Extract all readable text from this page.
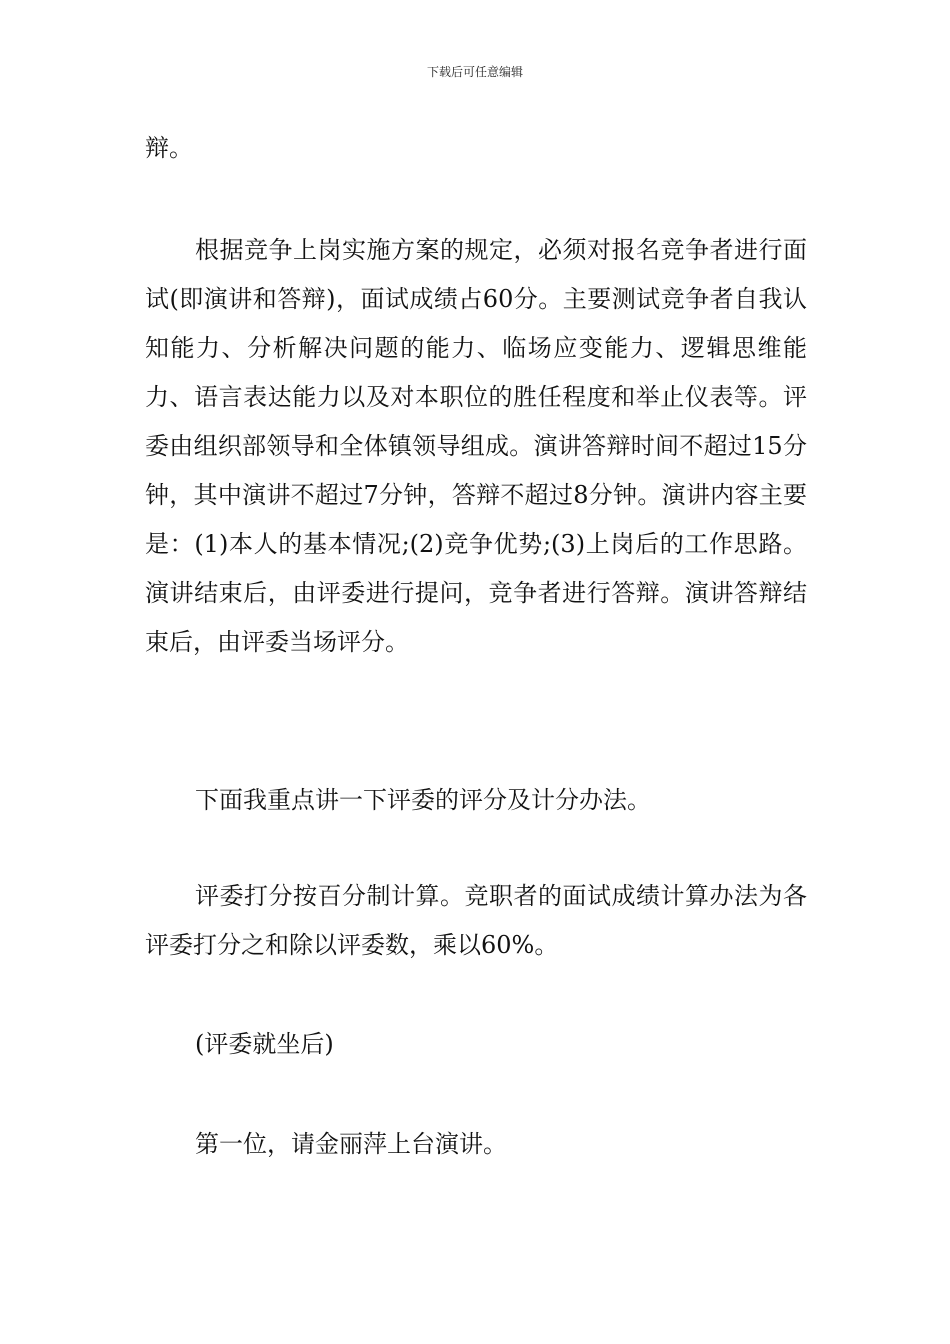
下载后可任意编辑

辩。

根据竞争上岗实施方案的规定，必须对报名竞争者进行面试(即演讲和答辩)，面试成绩占60分。主要测试竞争者自我认知能力、分析解决问题的能力、临场应变能力、逻辑思维能力、语言表达能力以及对本职位的胜任程度和举止仪表等。评委由组织部领导和全体镇领导组成。演讲答辩时间不超过15分钟，其中演讲不超过7分钟，答辩不超过8分钟。演讲内容主要是：(1)本人的基本情况;(2)竞争优势;(3)上岗后的工作思路。演讲结束后，由评委进行提问，竞争者进行答辩。演讲答辩结束后，由评委当场评分。

下面我重点讲一下评委的评分及计分办法。

评委打分按百分制计算。竞职者的面试成绩计算办法为各评委打分之和除以评委数，乘以60%。

(评委就坐后)

第一位，请金丽萍上台演讲。
